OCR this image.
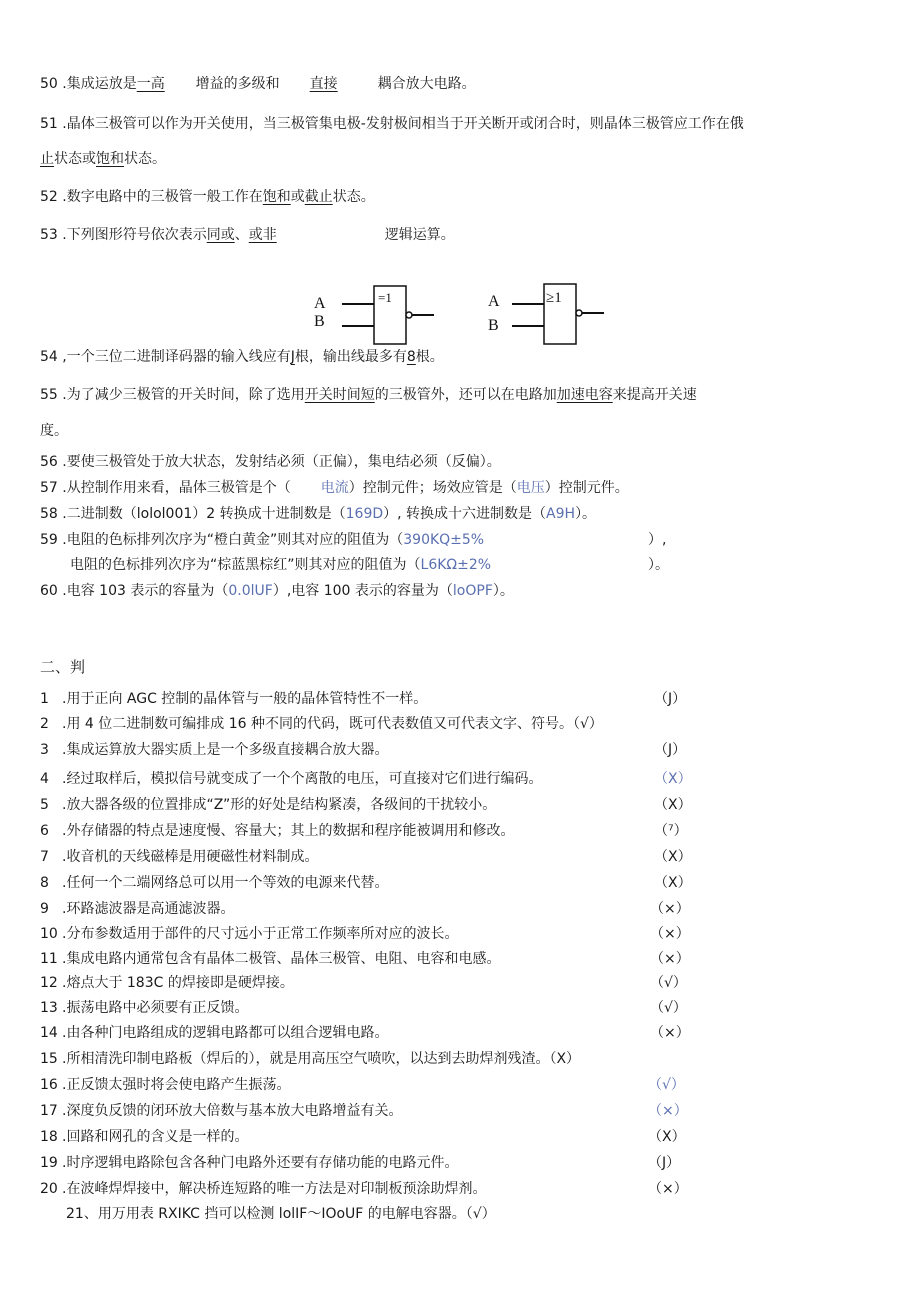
50 .集成运放是一高 增益的多级和 直接	耦合放大电路。
51 .晶体三极管可以作为开关使用，当三极管集电极-发射极间相当于开关断开或闭合时，则晶体三极管应工作在俄
止状态或饱和状态。
52 .数字电路中的三极管一般工作在饱和或截止状态。
53 .下列图形符号依次表示同或、或非	逻辑运算。
A
B
=1	A
B
≥1
54 ,一个三位二进制译码器的输入线应有J根，输出线最多有8根。
55 .为了减少三极管的开关时间，除了选用开关时间短的三极管外，还可以在电路加加速电容来提高开关速
度。
56 .要使三极管处于放大状态，发射结必须（正偏），集电结必须（反偏）。
57 .从控制作用来看，晶体三极管是个（ 电流）控制元件；场效应管是（电压）控制元件。
58 .二进制数（lolol001）2 转换成十进制数是（169D）, 转换成十六进制数是（A9H）。
59 .电阻的色标排列次序为“橙白黄金”则其对应的阻值为（390KQ±5%	）,
电阻的色标排列次序为“棕蓝黑棕红”则其对应的阻值为（L6KΩ±2%	）。
60 .电容 103 表示的容量为（0.0lUF）,电容 100 表示的容量为（loOPF）。
二、判
1 .用于正向 AGC 控制的晶体管与一般的晶体管特性不一样。	（J）
2 .用 4 位二进制数可编排成 16 种不同的代码，既可代表数值又可代表文字、符号。（√）
3 .集成运算放大器实质上是一个多级直接耦合放大器。	（J）
4 .经过取样后，模拟信号就变成了一个个离散的电压，可直接对它们进行编码。	（X）
5 .放大器各级的位置排成“Z”形的好处是结构紧凑，各级间的干扰较小。	（X）
6 .外存储器的特点是速度慢、容量大；其上的数据和程序能被调用和修改。	（⁷）
7 .收音机的天线磁棒是用硬磁性材料制成。	（X）
8 .任何一个二端网络总可以用一个等效的电源来代替。	（X）
9 .环路滤波器是高通滤波器。	（×）
10 .分布参数适用于部件的尺寸远小于正常工作频率所对应的波长。	（×）
11 .集成电路内通常包含有晶体二极管、晶体三极管、电阻、电容和电感。	（×）
12 .熔点大于 183C 的焊接即是硬焊接。	（√）
13 .振荡电路中必须要有正反馈。	（√）
14 .由各种门电路组成的逻辑电路都可以组合逻辑电路。	（×）
15 .所相清洗印制电路板（焊后的），就是用高压空气喷吹，以达到去助焊剂残渣。（X）
16 .正反馈太强时将会使电路产生振荡。	（√）
17 .深度负反馈的闭环放大倍数与基本放大电路增益有关。	（×）
18 .回路和网孔的含义是一样的。	（X）
19 .时序逻辑电路除包含各种门电路外还要有存储功能的电路元件。	（J）
20 .在波峰焊焊接中，解决桥连短路的唯一方法是对印制板预涂助焊剂。	（×）
21、用万用表 RXIKC 挡可以检测 lolIF〜IOoUF 的电解电容器。（√）
